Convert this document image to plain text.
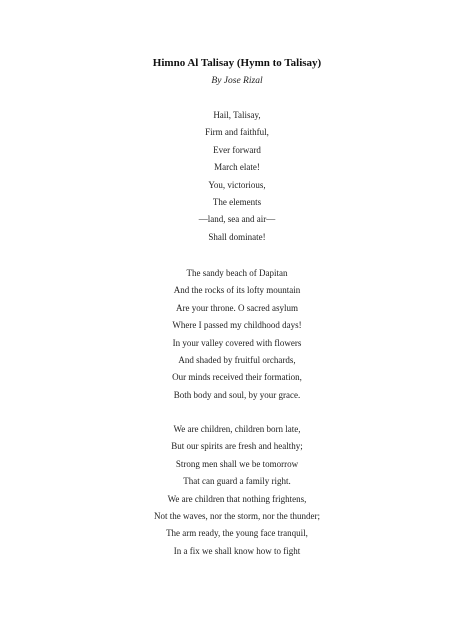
Himno Al Talisay (Hymn to Talisay)
By Jose Rizal
Hail, Talisay,
Firm and faithful,
Ever forward
March elate!
You, victorious,
The elements
—land, sea and air—
Shall dominate!
The sandy beach of Dapitan
And the rocks of its lofty mountain
Are your throne. O sacred asylum
Where I passed my childhood days!
In your valley covered with flowers
And shaded by fruitful orchards,
Our minds received their formation,
Both body and soul, by your grace.
We are children, children born late,
But our spirits are fresh and healthy;
Strong men shall we be tomorrow
That can guard a family right.
We are children that nothing frightens,
Not the waves, nor the storm, nor the thunder;
The arm ready, the young face tranquil,
In a fix we shall know how to fight
